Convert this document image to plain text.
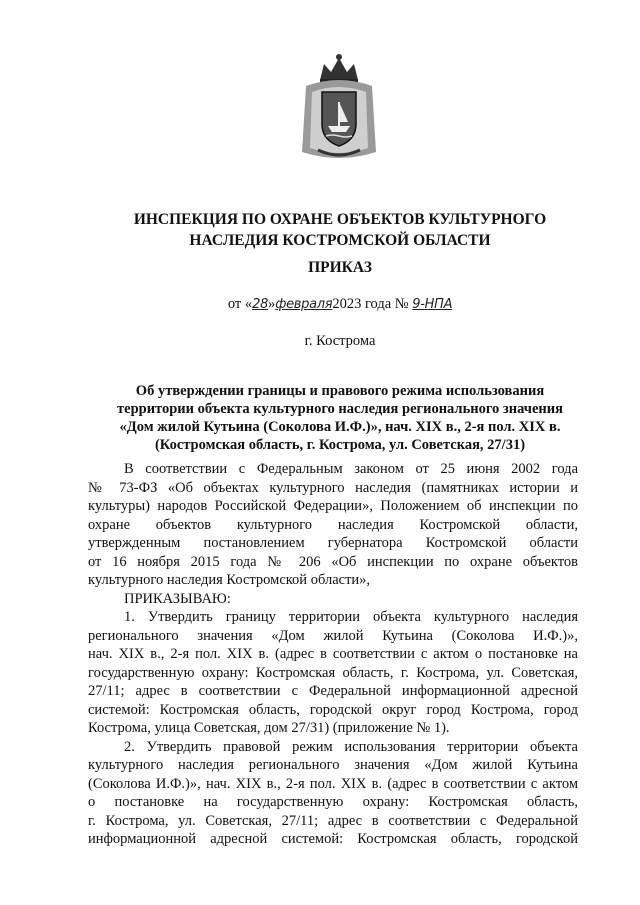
ИНСПЕКЦИЯ ПО ОХРАНЕ ОБЪЕКТОВ КУЛЬТУРНОГО
НАСЛЕДИЯ КОСТРОМСКОЙ ОБЛАСТИ
ПРИКАЗ
от «28»февраля2023 года № 9-НПА
г. Кострома
Об утверждении границы и правового режима использования
территории объекта культурного наследия регионального значения
«Дом жилой Кутьина (Соколова И.Ф.)», нач. XIX в., 2-я пол. XIX в.
(Костромская область, г. Кострома, ул. Советская, 27/31)
В соответствии с Федеральным законом от 25 июня 2002 года
№ 73-ФЗ «Об объектах культурного наследия (памятниках истории и
культуры) народов Российской Федерации», Положением об инспекции по
охране объектов культурного наследия Костромской области,
утвержденным постановлением губернатора Костромской области
от 16 ноября 2015 года № 206 «Об инспекции по охране объектов
культурного наследия Костромской области»,
ПРИКАЗЫВАЮ:
1. Утвердить границу территории объекта культурного наследия
регионального значения «Дом жилой Кутьина (Соколова И.Ф.)»,
нач. XIX в., 2-я пол. XIX в. (адрес в соответствии с актом о постановке на
государственную охрану: Костромская область, г. Кострома, ул. Советская,
27/11; адрес в соответствии с Федеральной информационной адресной
системой: Костромская область, городской округ город Кострома, город
Кострома, улица Советская, дом 27/31) (приложение № 1).
2. Утвердить правовой режим использования территории объекта
культурного наследия регионального значения «Дом жилой Кутьина
(Соколова И.Ф.)», нач. XIX в., 2-я пол. XIX в. (адрес в соответствии с актом
о постановке на государственную охрану: Костромская область,
г. Кострома, ул. Советская, 27/11; адрес в соответствии с Федеральной
информационной адресной системой: Костромская область, городской
